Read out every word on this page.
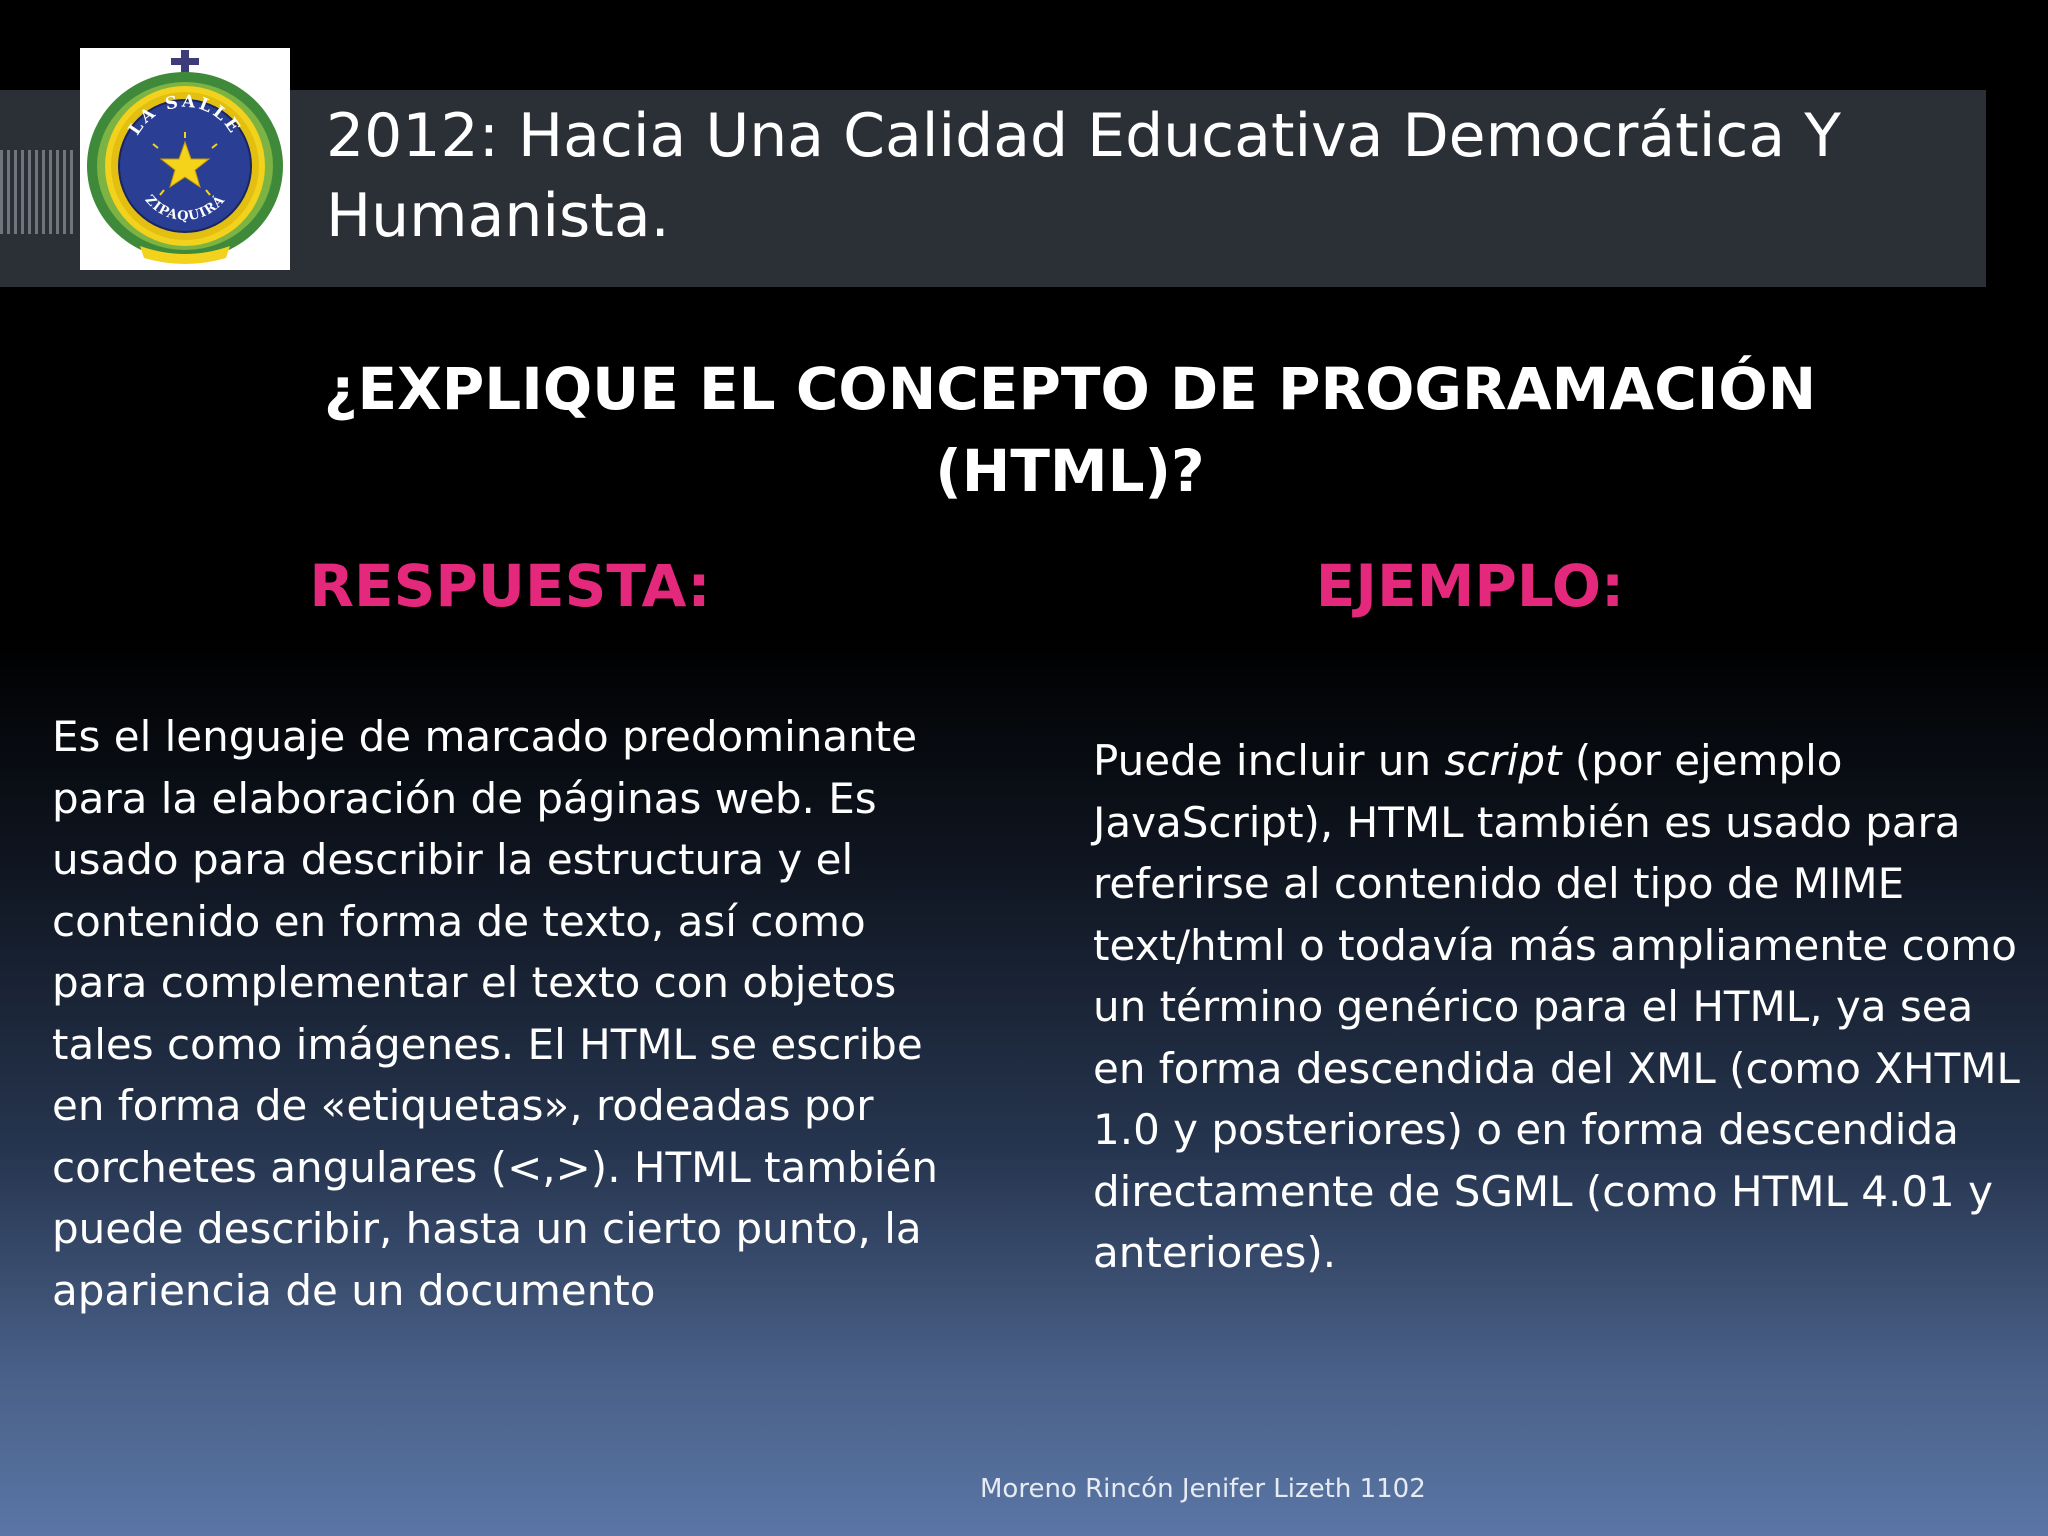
LA SALLE
ZIPAQUIRÁ
2012: Hacia Una Calidad Educativa Democrática Y Humanista.
¿EXPLIQUE EL CONCEPTO DE PROGRAMACIÓN (HTML)?
RESPUESTA:	EJEMPLO:

Es el lenguaje de marcado predominante para la elaboración de páginas web. Es usado para describir la estructura y el contenido en forma de texto, así como para complementar el texto con objetos tales como imágenes. El HTML se escribe en forma de «etiquetas», rodeadas por corchetes angulares (<,>). HTML también puede describir, hasta un cierto punto, la apariencia de un documento

Puede incluir un script (por ejemplo JavaScript), HTML también es usado para referirse al contenido del tipo de MIME text/html o todavía más ampliamente como un término genérico para el HTML, ya sea en forma descendida del XML (como XHTML 1.0 y posteriores) o en forma descendida directamente de SGML (como HTML 4.01 y anteriores).

Moreno Rincón Jenifer Lizeth 1102
